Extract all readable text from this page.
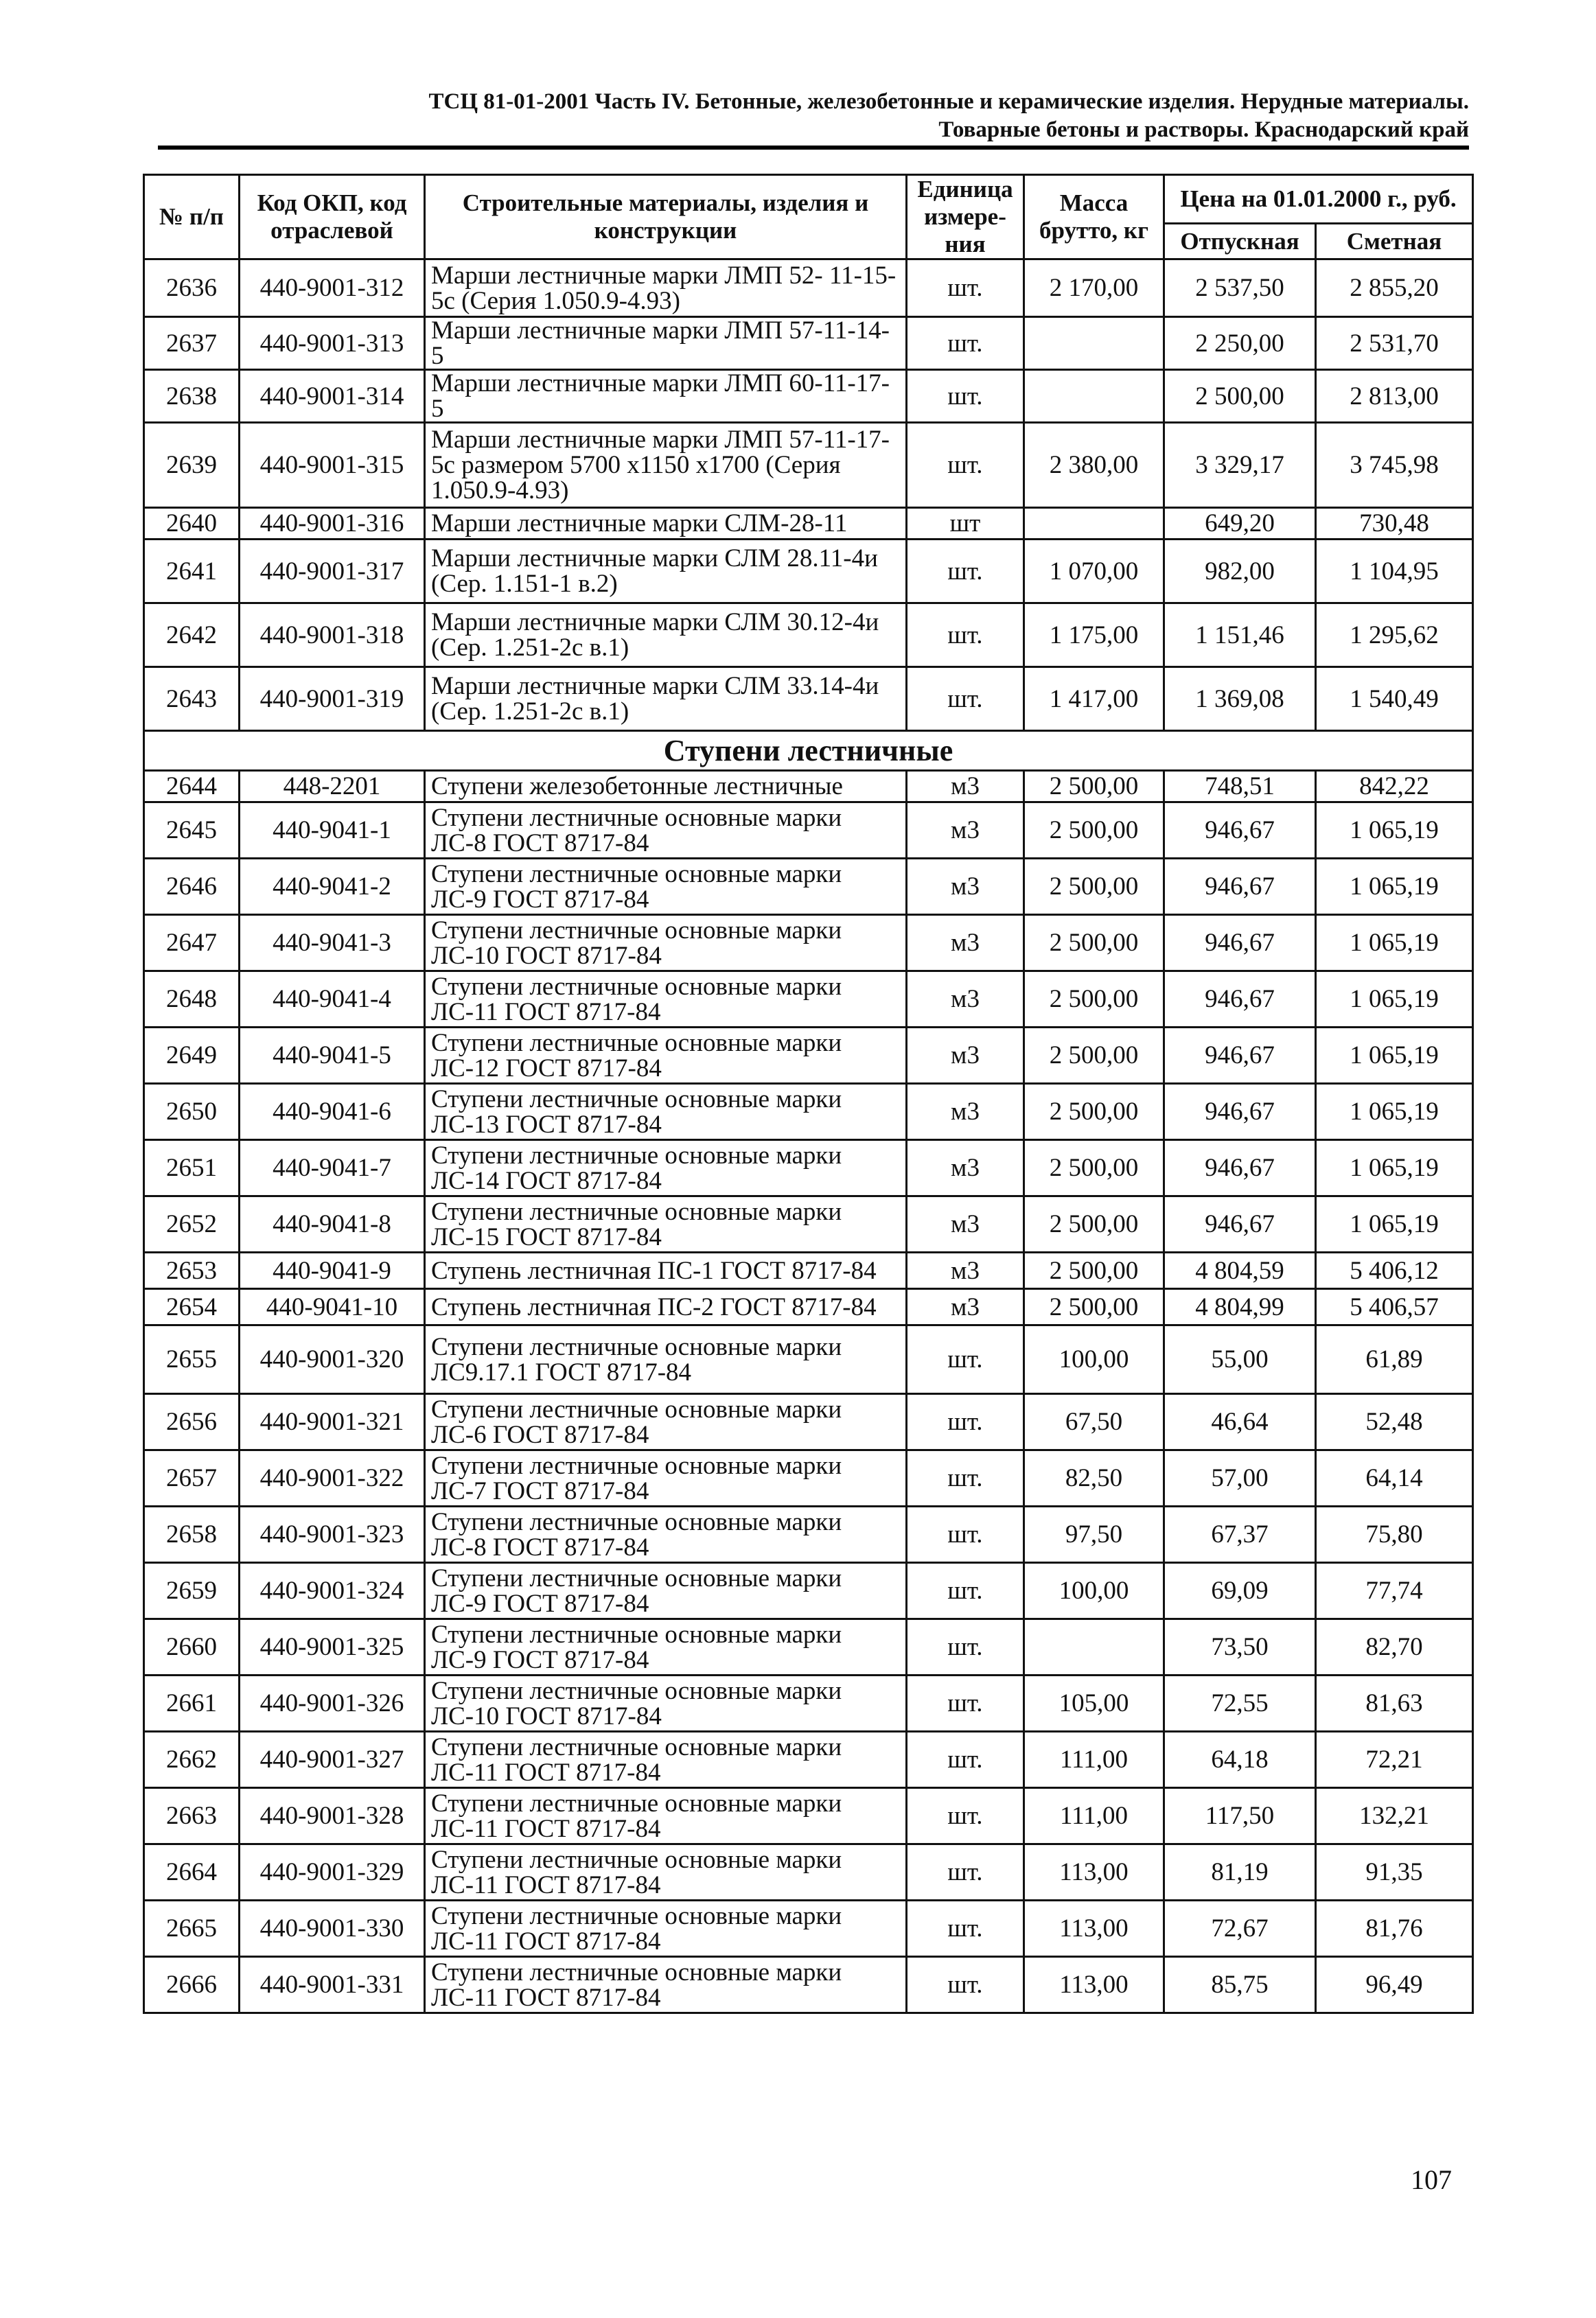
ТСЦ 81-01-2001 Часть IV. Бетонные, железобетонные и керамические изделия. Нерудные материалы.
Товарные бетоны и растворы. Краснодарский край
№ п/п	Код ОКП, код отраслевой	Строительные материалы, изделия и конструкции	Единица измере-ния	Масса брутто, кг	Цена на 01.01.2000 г., руб.	
					Отпускная	Сметная
2636	440-9001-312	Марши лестничные марки ЛМП 52- 11-15-5с (Серия 1.050.9-4.93)	шт.	2 170,00	2 537,50	2 855,20
2637	440-9001-313	Марши лестничные марки ЛМП 57-11-14-5	шт.		2 250,00	2 531,70
2638	440-9001-314	Марши лестничные марки ЛМП 60-11-17-5	шт.		2 500,00	2 813,00
2639	440-9001-315	Марши лестничные марки ЛМП 57-11-17-5с размером 5700 x1150 x1700 (Серия 1.050.9-4.93)	шт.	2 380,00	3 329,17	3 745,98
2640	440-9001-316	Марши лестничные марки СЛМ-28-11	шт		649,20	730,48
2641	440-9001-317	Марши лестничные марки СЛМ 28.11-4и (Сер. 1.151-1 в.2)	шт.	1 070,00	982,00	1 104,95
2642	440-9001-318	Марши лестничные марки СЛМ 30.12-4и (Сер. 1.251-2с в.1)	шт.	1 175,00	1 151,46	1 295,62
2643	440-9001-319	Марши лестничные марки СЛМ 33.14-4и (Сер. 1.251-2с в.1)	шт.	1 417,00	1 369,08	1 540,49
Ступени лестничные						
2644	448-2201	Ступени железобетонные лестничные	м3	2 500,00	748,51	842,22
2645	440-9041-1	Ступени лестничные основные марки ЛС-8 ГОСТ 8717-84	м3	2 500,00	946,67	1 065,19
2646	440-9041-2	Ступени лестничные основные марки ЛС-9 ГОСТ 8717-84	м3	2 500,00	946,67	1 065,19
2647	440-9041-3	Ступени лестничные основные марки ЛС-10 ГОСТ 8717-84	м3	2 500,00	946,67	1 065,19
2648	440-9041-4	Ступени лестничные основные марки ЛС-11 ГОСТ 8717-84	м3	2 500,00	946,67	1 065,19
2649	440-9041-5	Ступени лестничные основные марки ЛС-12 ГОСТ 8717-84	м3	2 500,00	946,67	1 065,19
2650	440-9041-6	Ступени лестничные основные марки ЛС-13 ГОСТ 8717-84	м3	2 500,00	946,67	1 065,19
2651	440-9041-7	Ступени лестничные основные марки ЛС-14 ГОСТ 8717-84	м3	2 500,00	946,67	1 065,19
2652	440-9041-8	Ступени лестничные основные марки ЛС-15 ГОСТ 8717-84	м3	2 500,00	946,67	1 065,19
2653	440-9041-9	Ступень лестничная ПС-1 ГОСТ 8717-84	м3	2 500,00	4 804,59	5 406,12
2654	440-9041-10	Ступень лестничная ПС-2 ГОСТ 8717-84	м3	2 500,00	4 804,99	5 406,57
2655	440-9001-320	Ступени лестничные основные марки ЛС9.17.1 ГОСТ 8717-84	шт.	100,00	55,00	61,89
2656	440-9001-321	Ступени лестничные основные марки ЛС-6 ГОСТ 8717-84	шт.	67,50	46,64	52,48
2657	440-9001-322	Ступени лестничные основные марки ЛС-7 ГОСТ 8717-84	шт.	82,50	57,00	64,14
2658	440-9001-323	Ступени лестничные основные марки ЛС-8 ГОСТ 8717-84	шт.	97,50	67,37	75,80
2659	440-9001-324	Ступени лестничные основные марки ЛС-9 ГОСТ 8717-84	шт.	100,00	69,09	77,74
2660	440-9001-325	Ступени лестничные основные марки ЛС-9 ГОСТ 8717-84	шт.		73,50	82,70
2661	440-9001-326	Ступени лестничные основные марки ЛС-10 ГОСТ 8717-84	шт.	105,00	72,55	81,63
2662	440-9001-327	Ступени лестничные основные марки ЛС-11 ГОСТ 8717-84	шт.	111,00	64,18	72,21
2663	440-9001-328	Ступени лестничные основные марки ЛС-11 ГОСТ 8717-84	шт.	111,00	117,50	132,21
2664	440-9001-329	Ступени лестничные основные марки ЛС-11 ГОСТ 8717-84	шт.	113,00	81,19	91,35
2665	440-9001-330	Ступени лестничные основные марки ЛС-11 ГОСТ 8717-84	шт.	113,00	72,67	81,76
2666	440-9001-331	Ступени лестничные основные марки ЛС-11 ГОСТ 8717-84	шт.	113,00	85,75	96,49
107
